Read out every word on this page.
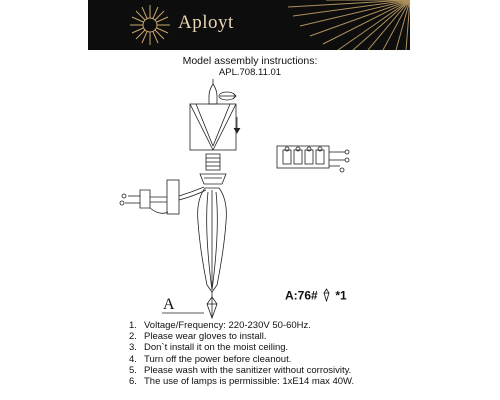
Aployt
Model assembly instructions:
APL.708.11.01
A
A:76# *1
1. Voltage/Frequency: 220-230V 50-60Hz.
2. Please wear gloves to install.
3. Don`t install it on the moist ceiling.
4. Turn off the power before cleanout.
5. Please wash with the sanitizer without corrosivity.
6. The use of lamps is permissible: 1xE14 max 40W.
